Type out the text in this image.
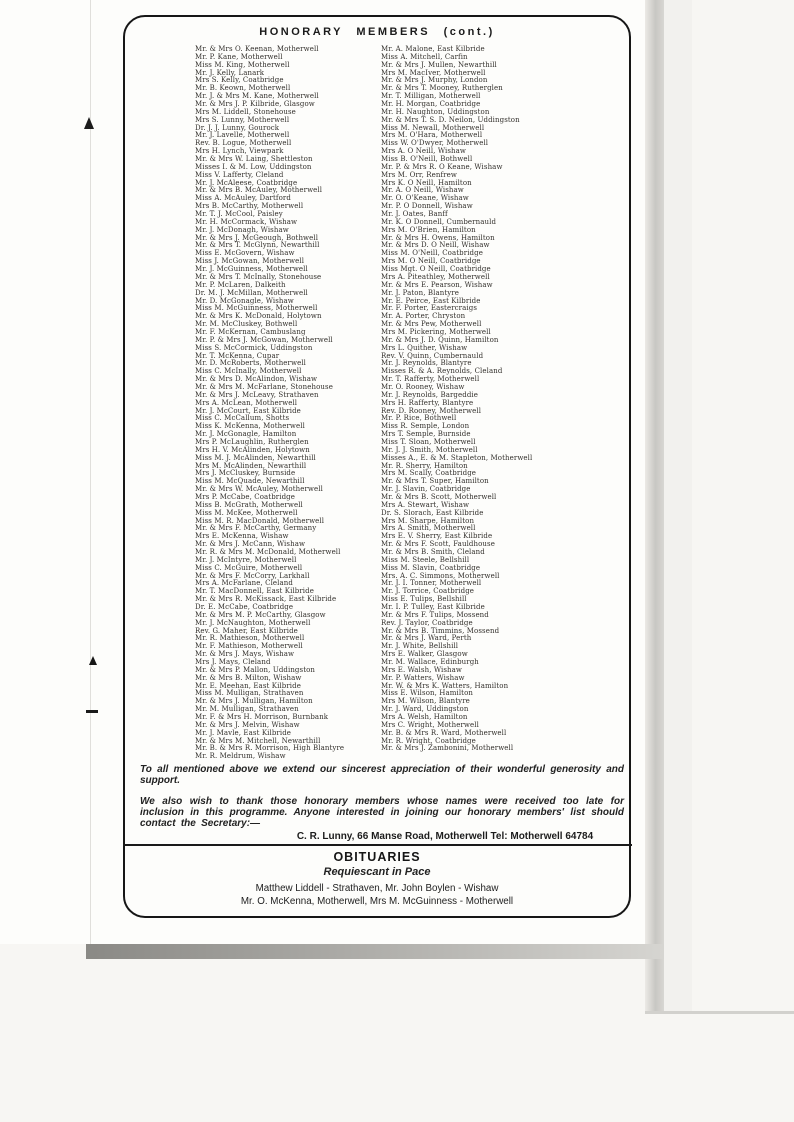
HONORARY MEMBERS (cont.)
Mr. & Mrs O. Keenan, Motherwell
Mr. P. Kane, Motherwell
Miss M. King, Motherwell
Mr. J. Kelly, Lanark
Mrs S. Kelly, Coatbridge
Mr. B. Keown, Motherwell
Mr. J. & Mrs M. Kane, Motherwell
Mr. & Mrs J. P. Kilbride, Glasgow
Mrs M. Liddell, Stonehouse
Mrs S. Lunny, Motherwell
Dr. J. J. Lunny, Gourock
Mr. J. Lavelle, Motherwell
Rev. B. Logue, Motherwell
Mrs H. Lynch, Viewpark
Mr. & Mrs W. Laing, Shettleston
Misses I. & M. Low, Uddingston
Miss V. Lafferty, Cleland
Mr. J. McAleese, Coatbridge
Mr. & Mrs B. McAuley, Motherwell
Miss A. McAuley, Dartford
Mrs B. McCarthy, Motherwell
Mr. T. J. McCool, Paisley
Mr. H. McCormack, Wishaw
Mr. J. McDonagh, Wishaw
Mr. & Mrs J. McGeough, Bothwell
Mr. & Mrs T. McGlynn, Newarthill
Miss E. McGovern, Wishaw
Miss J. McGowan, Motherwell
Mr. J. McGuinness, Motherwell
Mr. & Mrs T. McInally, Stonehouse
Mr. P. McLaren, Dalkeith
Dr. M. J. McMillan, Motherwell
Mr. D. McGonagle, Wishaw
Miss M. McGuinness, Motherwell
Mr. & Mrs K. McDonald, Holytown
Mr. M. McCluskey, Bothwell
Mr. F. McKernan, Cambuslang
Mr. P. & Mrs J. McGowan, Motherwell
Miss S. McCormick, Uddingston
Mr. T. McKenna, Cupar
Mr. D. McRoberts, Motherwell
Miss C. McInally, Motherwell
Mr. & Mrs D. McAlindon, Wishaw
Mr. & Mrs M. McFarlane, Stonehouse
Mr. & Mrs J. McLeavy, Strathaven
Mrs A. McLean, Motherwell
Mr. J. McCourt, East Kilbride
Miss C. McCallum, Shotts
Miss K. McKenna, Motherwell
Mr. J. McGonagle, Hamilton
Mrs P. McLaughlin, Rutherglen
Mrs H. V. McAlinden, Holytown
Miss M. J. McAlinden, Newarthill
Mrs M. McAlinden, Newarthill
Mrs J. McCluskey, Burnside
Miss M. McQuade, Newarthill
Mr. & Mrs W. McAuley, Motherwell
Mrs P. McCabe, Coatbridge
Miss B. McGrath, Motherwell
Miss M. McKee, Motherwell
Miss M. R. MacDonald, Motherwell
Mr. & Mrs F. McCarthy, Germany
Mrs E. McKenna, Wishaw
Mr. & Mrs J. McCann, Wishaw
Mr. R. & Mrs M. McDonald, Motherwell
Mr. J. McIntyre, Motherwell
Miss C. McGuire, Motherwell
Mr. & Mrs F. McCorry, Larkhall
Mrs A. McFarlane, Cleland
Mr. T. MacDonnell, East Kilbride
Mr. & Mrs R. McKissack, East Kilbride
Dr. E. McCabe, Coatbridge
Mr. & Mrs M. P. McCarthy, Glasgow
Mr. J. McNaughton, Motherwell
Rev. G. Maher, East Kilbride
Mr. R. Mathieson, Motherwell
Mr. F. Mathieson, Motherwell
Mr. & Mrs J. Mays, Wishaw
Mrs J. Mays, Cleland
Mr. & Mrs P. Mallon, Uddingston
Mr. & Mrs B. Milton, Wishaw
Mr. E. Meehan, East Kilbride
Miss M. Mulligan, Strathaven
Mr. & Mrs J. Mulligan, Hamilton
Mr. M. Mulligan, Strathaven
Mr. F. & Mrs H. Morrison, Burnbank
Mr. & Mrs J. Melvin, Wishaw
Mr. J. Mavle, East Kilbride
Mr. & Mrs M. Mitchell, Newarthill
Mr. B. & Mrs R. Morrison, High Blantyre
Mr. R. Meldrum, Wishaw
Mr. A. Malone, East Kilbride
Miss A. Mitchell, Carfin
Mr. & Mrs J. Mullen, Newarthill
Mrs M. MacIver, Motherwell
Mr. & Mrs J. Murphy, London
Mr. & Mrs T. Mooney, Rutherglen
Mr. T. Milligan, Motherwell
Mr. H. Morgan, Coatbridge
Mr. H. Naughton, Uddingston
Mr. & Mrs T. S. D. Neilon, Uddingston
Miss M. Newall, Motherwell
Mrs M. O'Hara, Motherwell
Miss W. O'Dwyer, Motherwell
Mrs A. O Neill, Wishaw
Miss B. O'Neill, Bothwell
Mr. P. & Mrs R. O Keane, Wishaw
Mrs M. Orr, Renfrew
Mrs K. O Neill, Hamilton
Mr. A. O Neill, Wishaw
Mr. O. O'Keane, Wishaw
Mr. P. O Donnell, Wishaw
Mr. J. Oates, Banff
Mr. K. O Donnell, Cumbernauld
Mrs M. O'Brien, Hamilton
Mr. & Mrs H. Owens, Hamilton
Mr. & Mrs D. O Neill, Wishaw
Miss M. O'Neill, Coatbridge
Mrs M. O Neill, Coatbridge
Miss Mgt. O Neill, Coatbridge
Mrs A. Piteathley, Motherwell
Mr. & Mrs E. Pearson, Wishaw
Mr. J. Paton, Blantyre
Mr. E. Peirce, East Kilbride
Mr. F. Porter, Eastercraigs
Mr. A. Porter, Chryston
Mr. & Mrs Pew, Motherwell
Mrs M. Pickering, Motherwell
Mr. & Mrs J. D. Quinn, Hamilton
Mrs L. Quither, Wishaw
Rev. V. Quinn, Cumbernauld
Mr. J. Reynolds, Blantyre
Misses R. & A. Reynolds, Cleland
Mr. T. Rafferty, Motherwell
Mr. O. Rooney, Wishaw
Mr. J. Reynolds, Bargeddie
Mrs H. Rafferty, Blantyre
Rev. D. Rooney, Motherwell
Mr. P. Rice, Bothwell
Miss R. Semple, London
Mrs T. Semple, Burnside
Miss T. Sloan, Motherwell
Mr. J. J. Smith, Motherwell
Misses A., E. & M. Stapleton, Motherwell
Mr. R. Sherry, Hamilton
Mrs M. Scally, Coatbridge
Mr. & Mrs T. Super, Hamilton
Mr. J. Slavin, Coatbridge
Mr. & Mrs B. Scott, Motherwell
Mrs A. Stewart, Wishaw
Dr. S. Slorach, East Kilbride
Mrs M. Sharpe, Hamilton
Mrs A. Smith, Motherwell
Mrs E. V. Sherry, East Kilbride
Mr. & Mrs F. Scott, Fauldhouse
Mr. & Mrs B. Smith, Cleland
Miss M. Steele, Bellshill
Miss M. Slavin, Coatbridge
Mrs. A. C. Simmons, Motherwell
Mr. J. I. Tonner, Motherwell
Mr. J. Torrice, Coatbridge
Miss E. Tulips, Bellshill
Mr. I. P. Tulley, East Kilbride
Mr. & Mrs F. Tulips, Mossend
Rev. J. Taylor, Coatbridge
Mr. & Mrs B. Timmins, Mossend
Mr. & Mrs J. Ward, Perth
Mr. J. White, Bellshill
Mrs E. Walker, Glasgow
Mr. M. Wallace, Edinburgh
Mrs E. Walsh, Wishaw
Mr. P. Watters, Wishaw
Mr. W. & Mrs K. Watters, Hamilton
Miss E. Wilson, Hamilton
Mrs M. Wilson, Blantyre
Mr. J. Ward, Uddingston
Mrs A. Welsh, Hamilton
Mrs C. Wright, Motherwell
Mr. B. & Mrs R. Ward, Motherwell
Mr. R. Wright, Coatbridge
Mr. & Mrs J. Zambonini, Motherwell

To all mentioned above we extend our sincerest appreciation of their wonderful generosity and support.

We also wish to thank those honorary members whose names were received too late for inclusion in this programme. Anyone interested in joining our honorary members' list should contact the Secretary:—

C. R. Lunny, 66 Manse Road, Motherwell Tel: Motherwell 64784
OBITUARIES
Requiescant in Pace
Matthew Liddell - Strathaven, Mr. John Boylen - Wishaw
Mr. O. McKenna, Motherwell, Mrs M. McGuinness - Motherwell
